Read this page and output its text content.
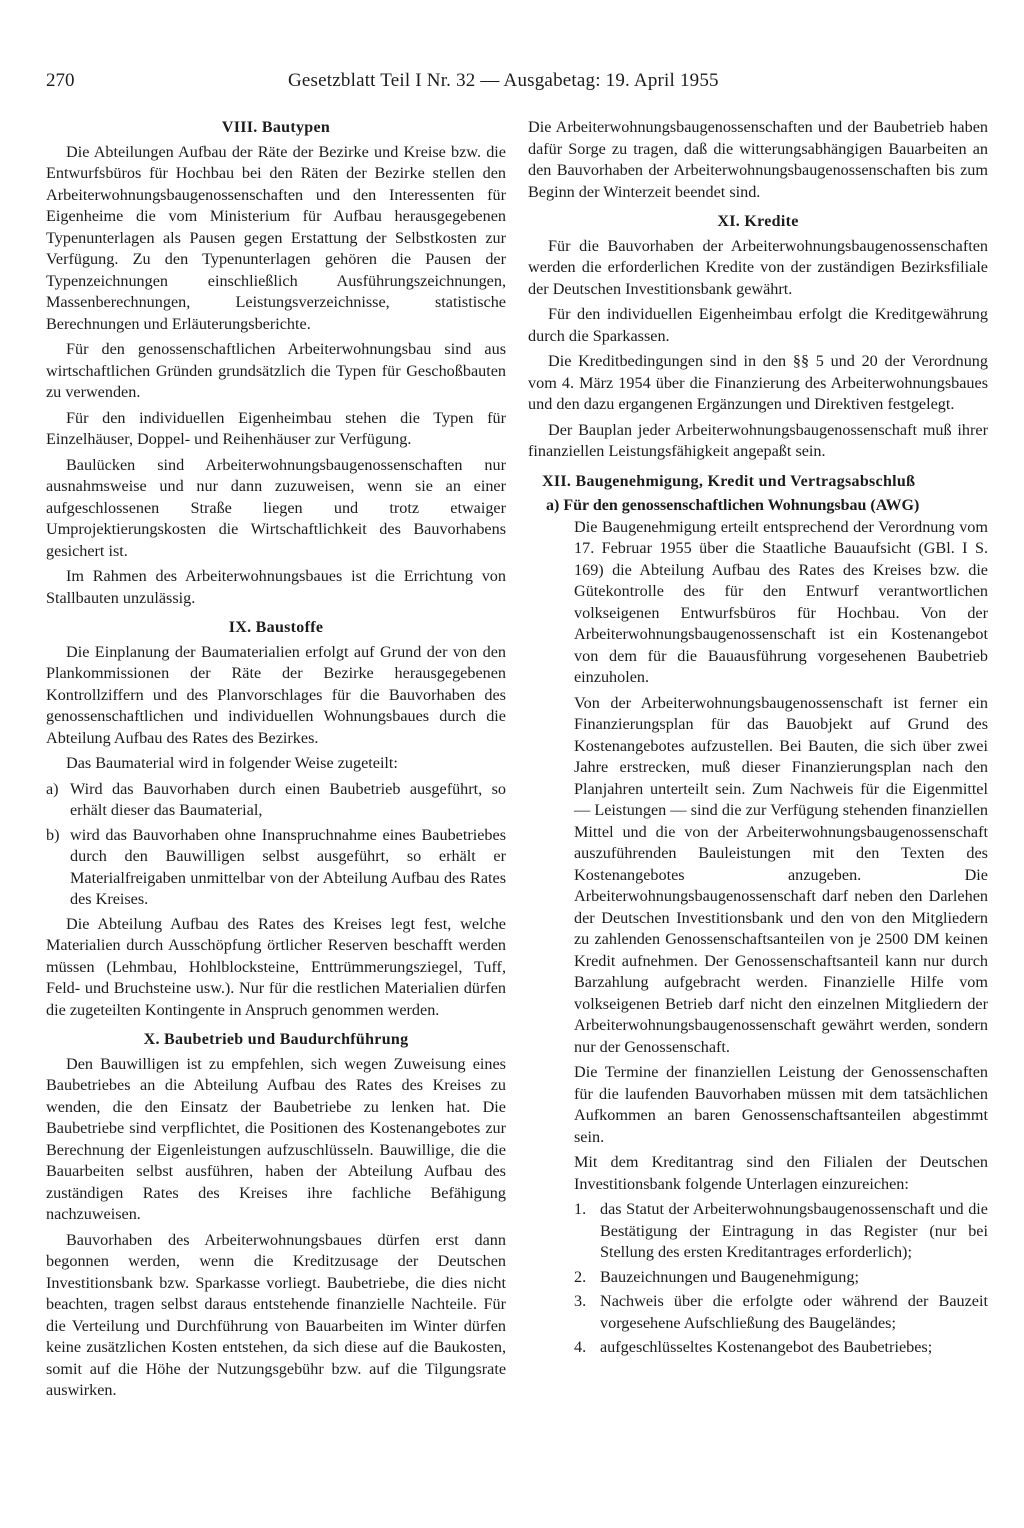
270	Gesetzblatt Teil I Nr. 32 — Ausgabetag: 19. April 1955
VIII. Bautypen

Die Abteilungen Aufbau der Räte der Bezirke und Kreise bzw. die Entwurfsbüros für Hochbau bei den Räten der Bezirke stellen den Arbeiterwohnungsbaugenossenschaften und den Interessenten für Eigenheime die vom Ministerium für Aufbau herausgegebenen Typenunterlagen als Pausen gegen Erstattung der Selbstkosten zur Verfügung. Zu den Typenunterlagen gehören die Pausen der Typenzeichnungen einschließlich Ausführungszeichnungen, Massenberechnungen, Leistungsverzeichnisse, statistische Berechnungen und Erläuterungsberichte.

Für den genossenschaftlichen Arbeiterwohnungsbau sind aus wirtschaftlichen Gründen grundsätzlich die Typen für Geschoßbauten zu verwenden.

Für den individuellen Eigenheimbau stehen die Typen für Einzelhäuser, Doppel- und Reihenhäuser zur Verfügung.

Baulücken sind Arbeiterwohnungsbaugenossenschaften nur ausnahmsweise und nur dann zuzuweisen, wenn sie an einer aufgeschlossenen Straße liegen und trotz etwaiger Umprojektierungskosten die Wirtschaftlichkeit des Bauvorhabens gesichert ist.

Im Rahmen des Arbeiterwohnungsbaues ist die Errichtung von Stallbauten unzulässig.

IX. Baustoffe

Die Einplanung der Baumaterialien erfolgt auf Grund der von den Plankommissionen der Räte der Bezirke herausgegebenen Kontrollziffern und des Planvorschlages für die Bauvorhaben des genossenschaftlichen und individuellen Wohnungsbaues durch die Abteilung Aufbau des Rates des Bezirkes.

Das Baumaterial wird in folgender Weise zugeteilt:

a) Wird das Bauvorhaben durch einen Baubetrieb ausgeführt, so erhält dieser das Baumaterial,
b) wird das Bauvorhaben ohne Inanspruchnahme eines Baubetriebes durch den Bauwilligen selbst ausgeführt, so erhält er Materialfreigaben unmittelbar von der Abteilung Aufbau des Rates des Kreises.

Die Abteilung Aufbau des Rates des Kreises legt fest, welche Materialien durch Ausschöpfung örtlicher Reserven beschafft werden müssen (Lehmbau, Hohlblocksteine, Enttrümmerungsziegel, Tuff, Feld- und Bruchsteine usw.). Nur für die restlichen Materialien dürfen die zugeteilten Kontingente in Anspruch genommen werden.

X. Baubetrieb und Baudurchführung

Den Bauwilligen ist zu empfehlen, sich wegen Zuweisung eines Baubetriebes an die Abteilung Aufbau des Rates des Kreises zu wenden, die den Einsatz der Baubetriebe zu lenken hat. Die Baubetriebe sind verpflichtet, die Positionen des Kostenangebotes zur Berechnung der Eigenleistungen aufzuschlüsseln. Bauwillige, die die Bauarbeiten selbst ausführen, haben der Abteilung Aufbau des zuständigen Rates des Kreises ihre fachliche Befähigung nachzuweisen.

Bauvorhaben des Arbeiterwohnungsbaues dürfen erst dann begonnen werden, wenn die Kreditzusage der Deutschen Investitionsbank bzw. Sparkasse vorliegt. Baubetriebe, die dies nicht beachten, tragen selbst daraus entstehende finanzielle Nachteile. Für die Verteilung und Durchführung von Bauarbeiten im Winter dürfen keine zusätzlichen Kosten entstehen, da sich diese auf die Baukosten, somit auf die Höhe der Nutzungsgebühr bzw. auf die Tilgungsrate auswirken.

Die Arbeiterwohnungsbaugenossenschaften und der Baubetrieb haben dafür Sorge zu tragen, daß die witterungsabhängigen Bauarbeiten an den Bauvorhaben der Arbeiterwohnungsbaugenossenschaften bis zum Beginn der Winterzeit beendet sind.

XI. Kredite

Für die Bauvorhaben der Arbeiterwohnungsbaugenossenschaften werden die erforderlichen Kredite von der zuständigen Bezirksfiliale der Deutschen Investitionsbank gewährt.

Für den individuellen Eigenheimbau erfolgt die Kreditgewährung durch die Sparkassen.

Die Kreditbedingungen sind in den §§ 5 und 20 der Verordnung vom 4. März 1954 über die Finanzierung des Arbeiterwohnungsbaues und den dazu ergangenen Ergänzungen und Direktiven festgelegt.

Der Bauplan jeder Arbeiterwohnungsbaugenossenschaft muß ihrer finanziellen Leistungsfähigkeit angepaßt sein.

XII. Baugenehmigung, Kredit und Vertragsabschluß
a) Für den genossenschaftlichen Wohnungsbau (AWG)

Die Baugenehmigung erteilt entsprechend der Verordnung vom 17. Februar 1955 über die Staatliche Bauaufsicht (GBl. I S. 169) die Abteilung Aufbau des Rates des Kreises bzw. die Gütekontrolle des für den Entwurf verantwortlichen volkseigenen Entwurfsbüros für Hochbau. Von der Arbeiterwohnungsbaugenossenschaft ist ein Kostenangebot von dem für die Bauausführung vorgesehenen Baubetrieb einzuholen.

Von der Arbeiterwohnungsbaugenossenschaft ist ferner ein Finanzierungsplan für das Bauobjekt auf Grund des Kostenangebotes aufzustellen. Bei Bauten, die sich über zwei Jahre erstrecken, muß dieser Finanzierungsplan nach den Planjahren unterteilt sein. Zum Nachweis für die Eigenmittel — Leistungen — sind die zur Verfügung stehenden finanziellen Mittel und die von der Arbeiterwohnungsbaugenossenschaft auszuführenden Bauleistungen mit den Texten des Kostenangebotes anzugeben. Die Arbeiterwohnungsbaugenossenschaft darf neben den Darlehen der Deutschen Investitionsbank und den von den Mitgliedern zu zahlenden Genossenschaftsanteilen von je 2500 DM keinen Kredit aufnehmen. Der Genossenschaftsanteil kann nur durch Barzahlung aufgebracht werden. Finanzielle Hilfe vom volkseigenen Betrieb darf nicht den einzelnen Mitgliedern der Arbeiterwohnungsbaugenossenschaft gewährt werden, sondern nur der Genossenschaft.

Die Termine der finanziellen Leistung der Genossenschaften für die laufenden Bauvorhaben müssen mit dem tatsächlichen Aufkommen an baren Genossenschaftsanteilen abgestimmt sein.

Mit dem Kreditantrag sind den Filialen der Deutschen Investitionsbank folgende Unterlagen einzureichen:

1. das Statut der Arbeiterwohnungsbaugenossenschaft und die Bestätigung der Eintragung in das Register (nur bei Stellung des ersten Kreditantrages erforderlich);
2. Bauzeichnungen und Baugenehmigung;
3. Nachweis über die erfolgte oder während der Bauzeit vorgesehene Aufschließung des Baugeländes;
4. aufgeschlüsseltes Kostenangebot des Baubetriebes;
